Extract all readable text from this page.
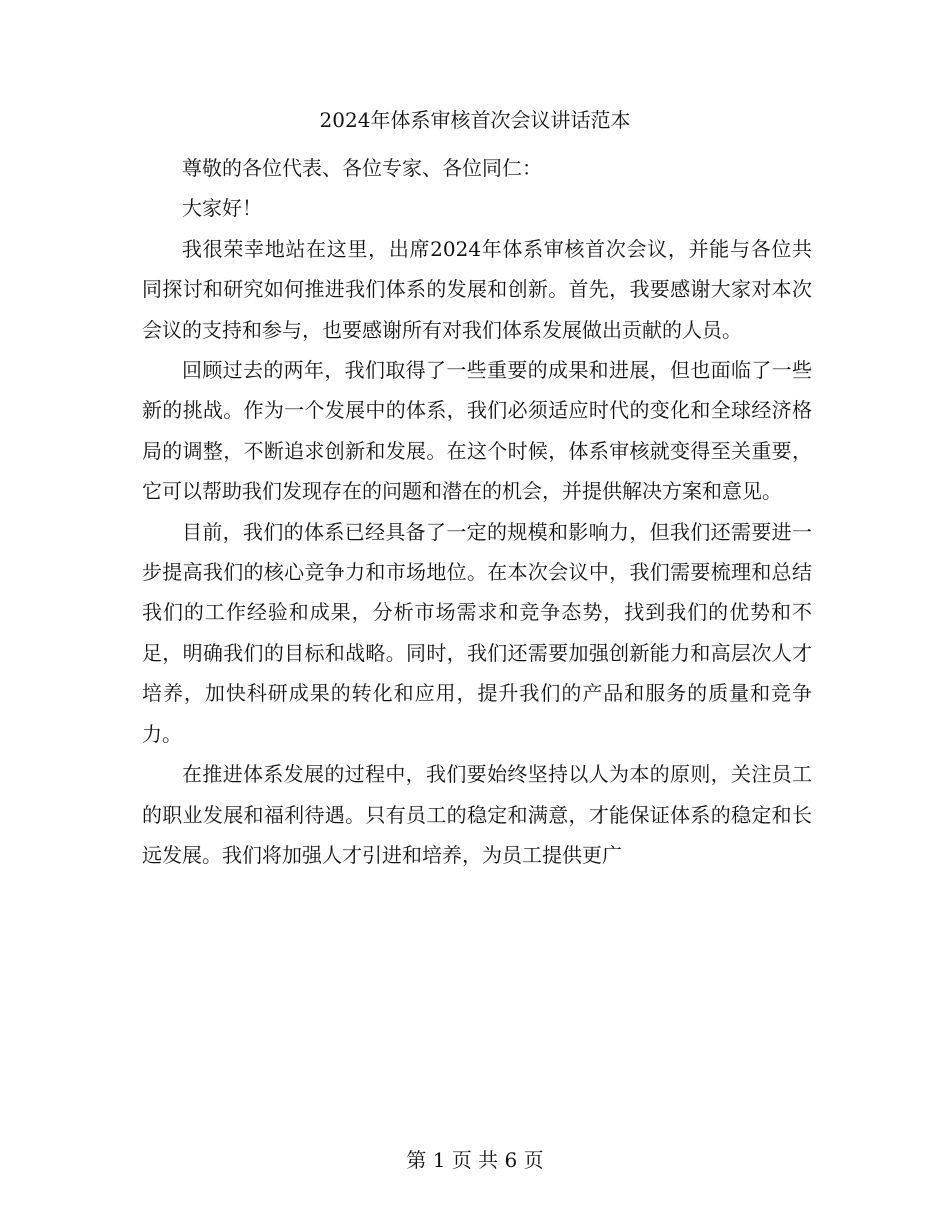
2024年体系审核首次会议讲话范本

尊敬的各位代表、各位专家、各位同仁：

大家好！

我很荣幸地站在这里，出席2024年体系审核首次会议，并能与各位共同探讨和研究如何推进我们体系的发展和创新。首先，我要感谢大家对本次会议的支持和参与，也要感谢所有对我们体系发展做出贡献的人员。

回顾过去的两年，我们取得了一些重要的成果和进展，但也面临了一些新的挑战。作为一个发展中的体系，我们必须适应时代的变化和全球经济格局的调整，不断追求创新和发展。在这个时候，体系审核就变得至关重要，它可以帮助我们发现存在的问题和潜在的机会，并提供解决方案和意见。

目前，我们的体系已经具备了一定的规模和影响力，但我们还需要进一步提高我们的核心竞争力和市场地位。在本次会议中，我们需要梳理和总结我们的工作经验和成果，分析市场需求和竞争态势，找到我们的优势和不足，明确我们的目标和战略。同时，我们还需要加强创新能力和高层次人才培养，加快科研成果的转化和应用，提升我们的产品和服务的质量和竞争力。

在推进体系发展的过程中，我们要始终坚持以人为本的原则，关注员工的职业发展和福利待遇。只有员工的稳定和满意，才能保证体系的稳定和长远发展。我们将加强人才引进和培养，为员工提供更广

第 1 页 共 6 页
